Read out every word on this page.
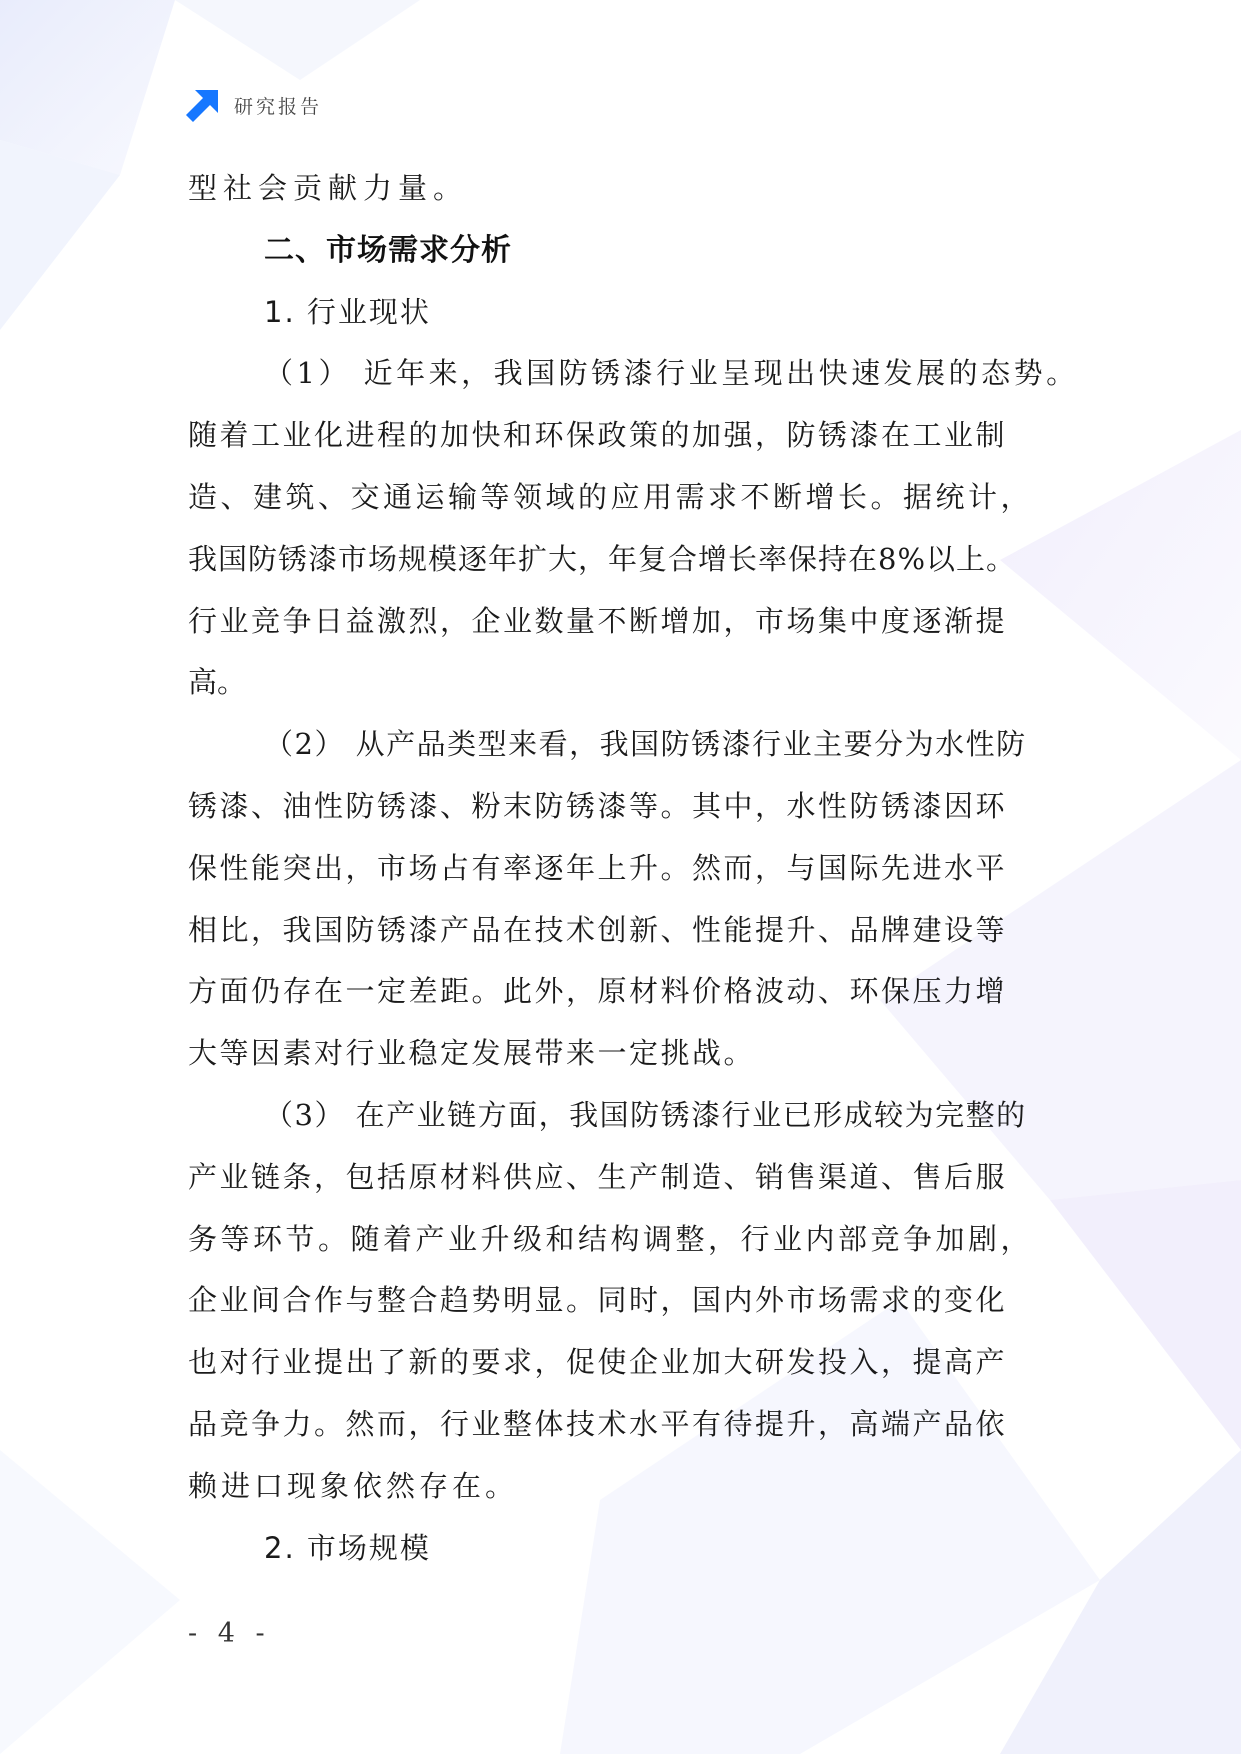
研究报告

型社会贡献力量。

二、市场需求分析

1. 行业现状

（1） 近年来，我国防锈漆行业呈现出快速发展的态势。

随着工业化进程的加快和环保政策的加强，防锈漆在工业制

造、建筑、交通运输等领域的应用需求不断增长。据统计，

我国防锈漆市场规模逐年扩大，年复合增长率保持在8%以上。

行业竞争日益激烈，企业数量不断增加，市场集中度逐渐提

高。

（2） 从产品类型来看，我国防锈漆行业主要分为水性防

锈漆、油性防锈漆、粉末防锈漆等。其中，水性防锈漆因环

保性能突出，市场占有率逐年上升。然而，与国际先进水平

相比，我国防锈漆产品在技术创新、性能提升、品牌建设等

方面仍存在一定差距。此外，原材料价格波动、环保压力增

大等因素对行业稳定发展带来一定挑战。

（3） 在产业链方面，我国防锈漆行业已形成较为完整的

产业链条，包括原材料供应、生产制造、销售渠道、售后服

务等环节。随着产业升级和结构调整，行业内部竞争加剧，

企业间合作与整合趋势明显。同时，国内外市场需求的变化

也对行业提出了新的要求，促使企业加大研发投入，提高产

品竞争力。然而，行业整体技术水平有待提升，高端产品依

赖进口现象依然存在。

2. 市场规模

- 4 -
